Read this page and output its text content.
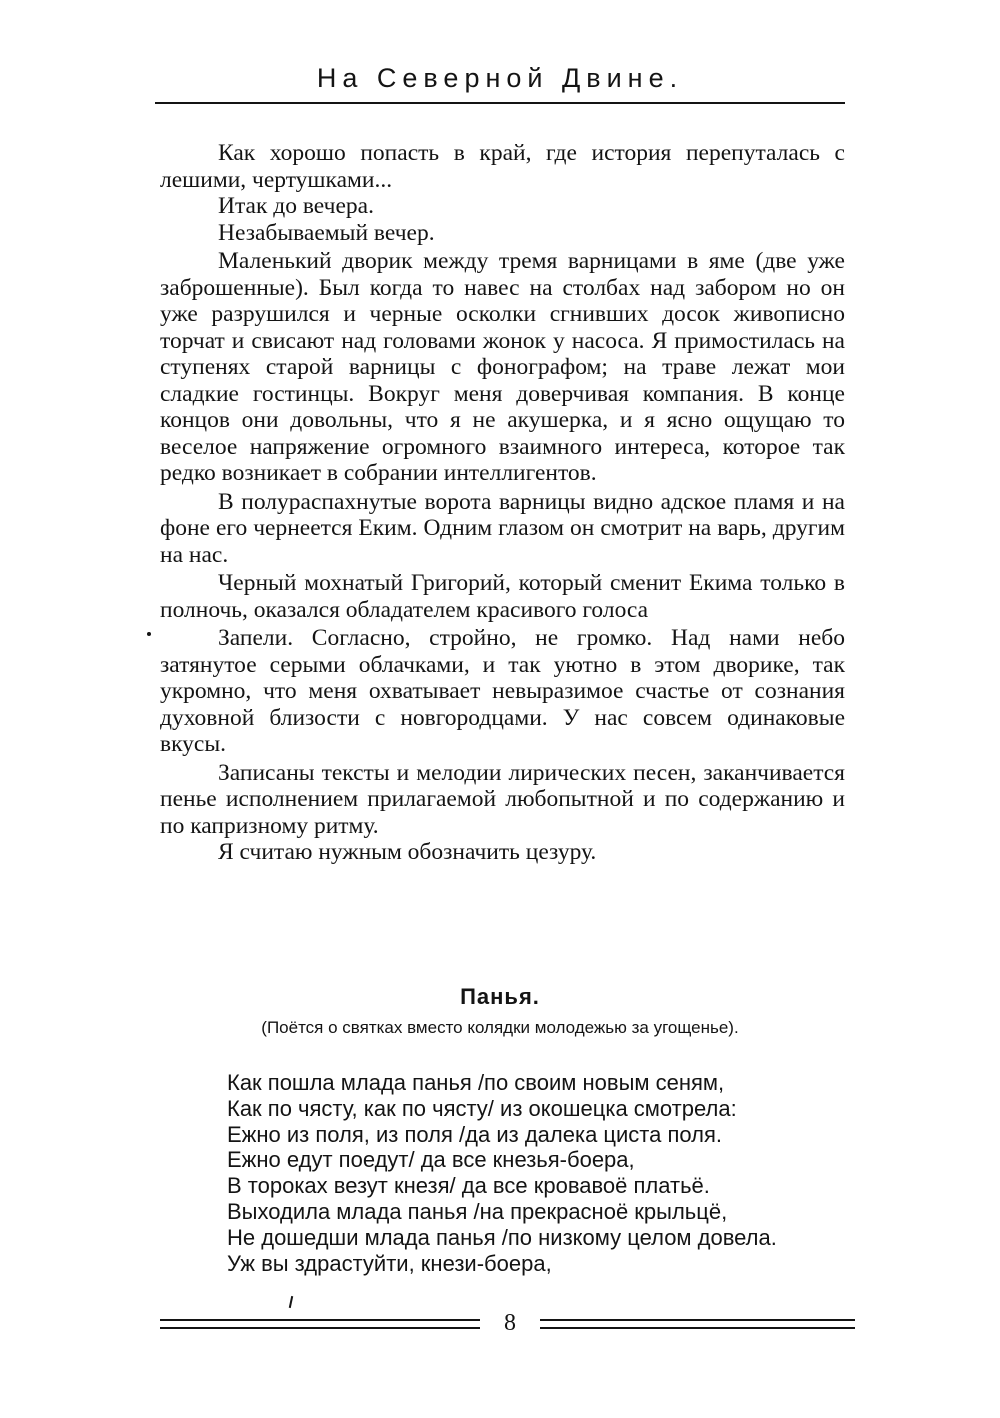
На Северной Двине.

Как хорошо попасть в край, где история перепуталась с лешими, чертушками...

Итак до вечера.

Незабываемый вечер.

Маленький дворик между тремя варницами в яме (две уже заброшенные). Был когда то навес на столбах над забором но он уже разрушился и черные осколки сгнивших досок живописно торчат и свисают над головами жонок у насоса. Я примостилась на ступенях старой варницы с фонографом; на траве лежат мои сладкие гостинцы. Вокруг меня доверчивая компания. В конце концов они довольны, что я не акушерка, и я ясно ощущаю то веселое напряжение огромного взаимного интереса, которое так редко возникает в собрании интеллигентов.

В полураспахнутые ворота варницы видно адское пламя и на фоне его чернеется Еким. Одним глазом он смотрит на варь, другим на нас.

Черный мохнатый Григорий, который сменит Екима только в полночь, оказался обладателем красивого голоса

Запели. Согласно, стройно, не громко. Над нами небо затянутое серыми облачками, и так уютно в этом дворике, так укромно, что меня охватывает невыразимое счастье от сознания духовной близости с новгородцами. У нас совсем одинаковые вкусы.

Записаны тексты и мелодии лирических песен, заканчивается пенье исполнением прилагаемой любопытной и по содержанию и по капризному ритму.

Я считаю нужным обозначить цезуру.

Панья.
(Поётся о святках вместо колядки молодежью за угощенье).
Как пошла млада панья /по своим новым сеням,
Как по чясту, как по чясту/ из окошецка смотрела:
Ежно из поля, из поля /да из далека циста поля.
Ежно едут поедут/ да все кнезья-боера,
В тороках везут кнезя/ да все кровавоё платьё.
Выходила млада панья /на прекрасноё крыльцё,
Не дошедши млада панья /по низкому целом довела.
Уж вы здрастуйти, кнези-боера,
8
